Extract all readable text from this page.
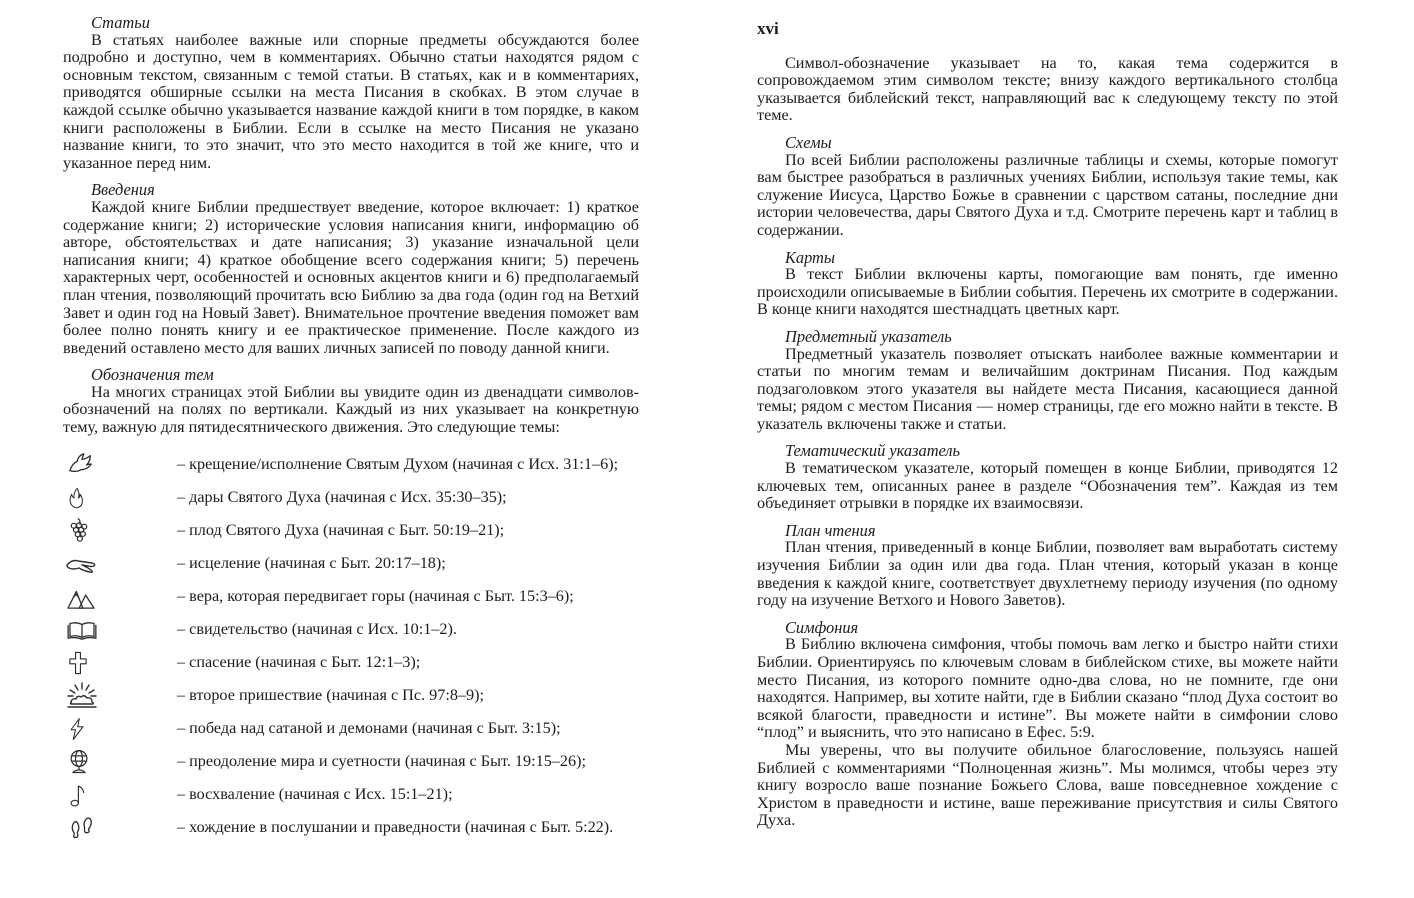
Статьи

В статьях наиболее важные или спорные предметы обсуждаются более подробно и доступно, чем в комментариях. Обычно статьи находятся рядом с основным текстом, связанным с темой статьи. В статьях, как и в комментариях, приводятся обширные ссылки на места Писания в скобках. В этом случае в каждой ссылке обычно указывается название каждой книги в том порядке, в каком книги расположены в Библии. Если в ссылке на место Писания не указано название книги, то это значит, что это место находится в той же книге, что и указанное перед ним.

Введения

Каждой книге Библии предшествует введение, которое включает: 1) краткое содержание книги; 2) исторические условия написания книги, информацию об авторе, обстоятельствах и дате написания; 3) указание изначальной цели написания книги; 4) краткое обобщение всего содержания книги; 5) перечень характерных черт, особенностей и основных акцентов книги и 6) предполагаемый план чтения, позволяющий прочитать всю Библию за два года (один год на Ветхий Завет и один год на Новый Завет). Внимательное прочтение введения поможет вам более полно понять книгу и ее практическое применение. После каждого из введений оставлено место для ваших личных записей по поводу данной книги.

Обозначения тем

На многих страницах этой Библии вы увидите один из двенадцати символов-обозначений на полях по вертикали. Каждый из них указывает на конкретную тему, важную для пятидесятнического движения. Это следующие темы:

– крещение/исполнение Святым Духом (начиная с Исх. 31:1–6);
– дары Святого Духа (начиная с Исх. 35:30–35);
– плод Святого Духа (начиная с Быт. 50:19–21);
– исцеление (начиная с Быт. 20:17–18);
– вера, которая передвигает горы (начиная с Быт. 15:3–6);
– свидетельство (начиная с Исх. 10:1–2).
– спасение (начиная с Быт. 12:1–3);
– второе пришествие (начиная с Пс. 97:8–9);
– победа над сатаной и демонами (начиная с Быт. 3:15);
– преодоление мира и суетности (начиная с Быт. 19:15–26);
– восхваление (начиная с Исх. 15:1–21);
– хождение в послушании и праведности (начиная с Быт. 5:22).
xvi

Символ-обозначение указывает на то, какая тема содержится в сопровождаемом этим символом тексте; внизу каждого вертикального столбца указывается библейский текст, направляющий вас к следующему тексту по этой теме.

Схемы

По всей Библии расположены различные таблицы и схемы, которые помогут вам быстрее разобраться в различных учениях Библии, используя такие темы, как служение Иисуса, Царство Божье в сравнении с царством сатаны, последние дни истории человечества, дары Святого Духа и т.д. Смотрите перечень карт и таблиц в содержании.

Карты

В текст Библии включены карты, помогающие вам понять, где именно происходили описываемые в Библии события. Перечень их смотрите в содержании. В конце книги находятся шестнадцать цветных карт.

Предметный указатель

Предметный указатель позволяет отыскать наиболее важные комментарии и статьи по многим темам и величайшим доктринам Писания. Под каждым подзаголовком этого указателя вы найдете места Писания, касающиеся данной темы; рядом с местом Писания — номер страницы, где его можно найти в тексте. В указатель включены также и статьи.

Тематический указатель

В тематическом указателе, который помещен в конце Библии, приводятся 12 ключевых тем, описанных ранее в разделе “Обозначения тем”. Каждая из тем объединяет отрывки в порядке их взаимосвязи.

План чтения

План чтения, приведенный в конце Библии, позволяет вам выработать систему изучения Библии за один или два года. План чтения, который указан в конце введения к каждой книге, соответствует двухлетнему периоду изучения (по одному году на изучение Ветхого и Нового Заветов).

Симфония

В Библию включена симфония, чтобы помочь вам легко и быстро найти стихи Библии. Ориентируясь по ключевым словам в библейском стихе, вы можете найти место Писания, из которого помните одно-два слова, но не помните, где они находятся. Например, вы хотите найти, где в Библии сказано “плод Духа состоит во всякой благости, праведности и истине”. Вы можете найти в симфонии слово “плод” и выяснить, что это написано в Ефес. 5:9.

Мы уверены, что вы получите обильное благословение, пользуясь нашей Библией с комментариями “Полноценная жизнь”. Мы молимся, чтобы через эту книгу возросло ваше познание Божьего Слова, ваше повседневное хождение с Христом в праведности и истине, ваше переживание присутствия и силы Святого Духа.
